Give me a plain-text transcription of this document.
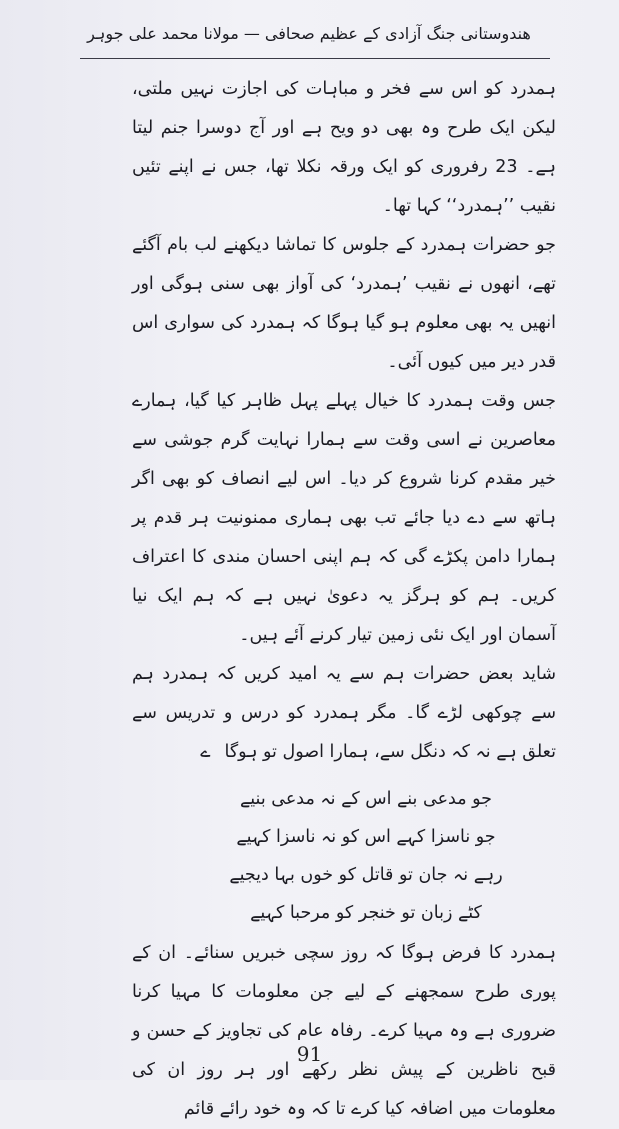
هندوستانی جنگ آزادی کے عظیم صحافی — مولانا محمد علی جوہر

ہمدرد کو اس سے فخر و مباہات کی اجازت نہیں ملتی، لیکن ایک طرح وہ بھی دو ویح ہے اور آج دوسرا جنم لیتا ہے۔ 23 رفروری کو ایک ورقہ نکلا تھا، جس نے اپنے تئیں نقیب ’’ہمدرد‘‘ کہا تھا۔

جو حضرات ہمدرد کے جلوس کا تماشا دیکھنے لب بام آگئے تھے، انھوں نے نقیب ’ہمدرد‘ کی آواز بھی سنی ہوگی اور انھیں یہ بھی معلوم ہو گیا ہوگا کہ ہمدرد کی سواری اس قدر دیر میں کیوں آئی۔

جس وقت ہمدرد کا خیال پہلے پہل ظاہر کیا گیا، ہمارے معاصرین نے اسی وقت سے ہمارا نہایت گرم جوشی سے خیر مقدم کرنا شروع کر دیا۔ اس لیے انصاف کو بھی اگر ہاتھ سے دے دیا جائے تب بھی ہماری ممنونیت ہر قدم پر ہمارا دامن پکڑے گی کہ ہم اپنی احسان مندی کا اعتراف کریں۔ ہم کو ہرگز یہ دعویٰ نہیں ہے کہ ہم ایک نیا آسمان اور ایک نئی زمین تیار کرنے آئے ہیں۔

شاید بعض حضرات ہم سے یہ امید کریں کہ ہمدرد ہم سے چوکھی لڑے گا۔ مگر ہمدرد کو درس و تدریس سے تعلق ہے نہ کہ دنگل سے، ہمارا اصول تو ہوگاے

جو مدعی بنے اس کے نہ مدعی بنیے

جو ناسزا کہے اس کو نہ ناسزا کہیے

رہے نہ جان تو قاتل کو خوں بہا دیجیے

کٹے زبان تو خنجر کو مرحبا کہیے

ہمدرد کا فرض ہوگا کہ روز سچی خبریں سنائے۔ ان کے پوری طرح سمجھنے کے لیے جن معلومات کا مہیا کرنا ضروری ہے وہ مہیا کرے۔ رفاہ عام کی تجاویز کے حسن و قبح ناظرین کے پیش نظر رکھے اور ہر روز ان کی معلومات میں اضافہ کیا کرے تا کہ وہ خود رائے قائم

91
